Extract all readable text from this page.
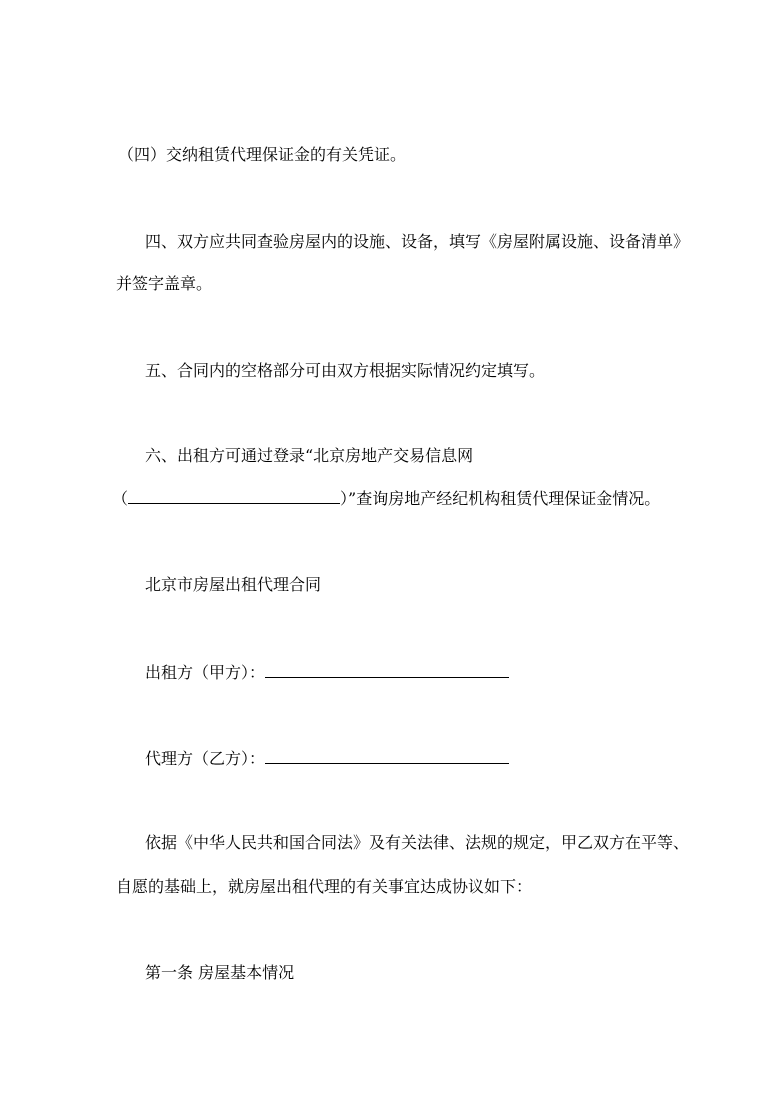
（四）交纳租赁代理保证金的有关凭证。
四、双方应共同查验房屋内的设施、设备，填写《房屋附属设施、设备清单》
并签字盖章。
五、合同内的空格部分可由双方根据实际情况约定填写。
六、出租方可通过登录“北京房地产交易信息网
（	）”查询房地产经纪机构租赁代理保证金情况。
北京市房屋出租代理合同
出租方（甲方）：
代理方（乙方）：
依据《中华人民共和国合同法》及有关法律、法规的规定，甲乙双方在平等、
自愿的基础上，就房屋出租代理的有关事宜达成协议如下：
第一条 房屋基本情况
